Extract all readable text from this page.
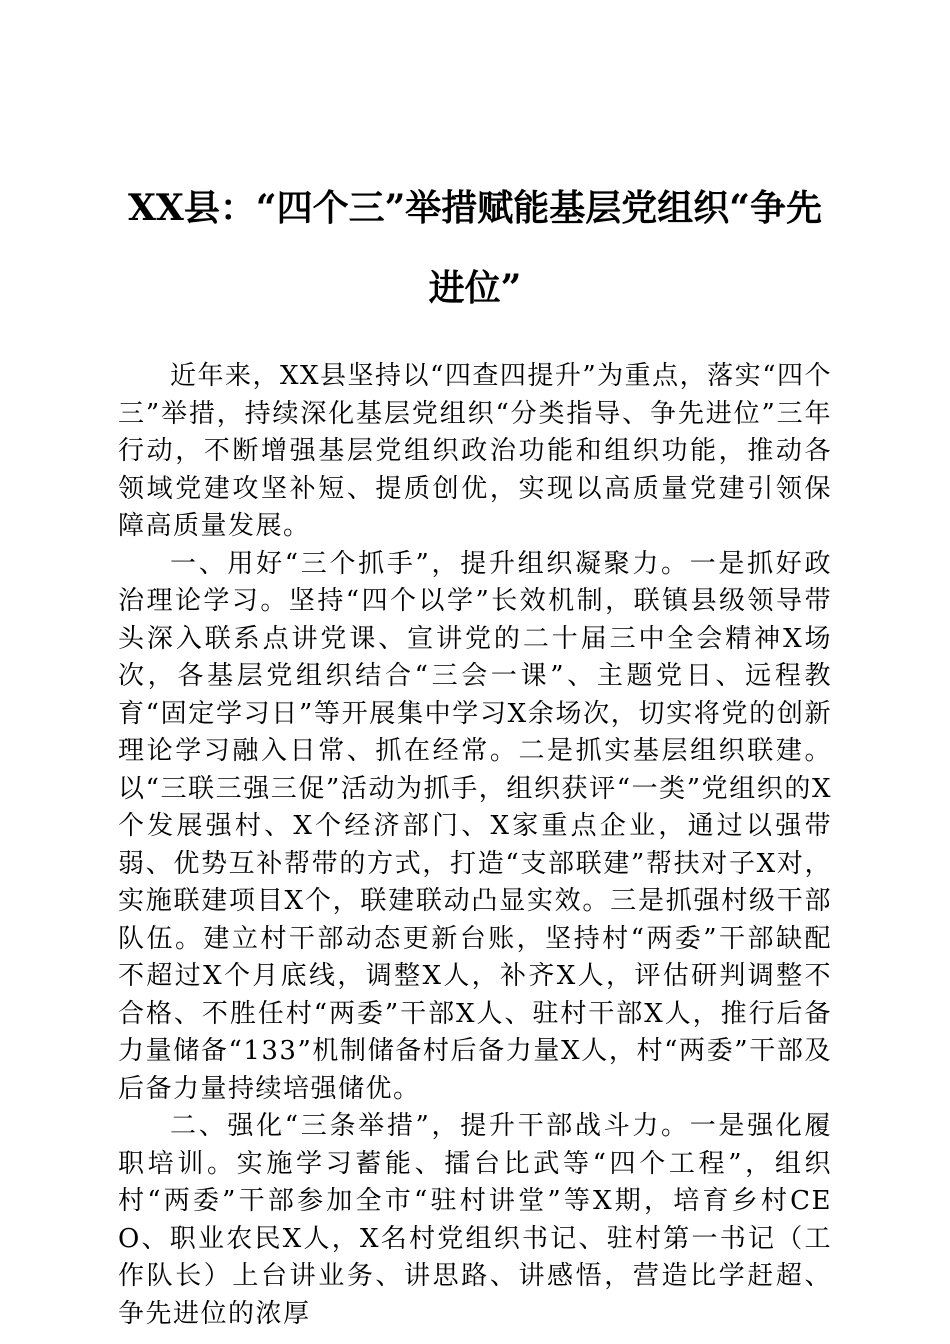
XX县：“四个三”举措赋能基层党组织“争先进位”

近年来，XX县坚持以“四查四提升”为重点，落实“四个三”举措，持续深化基层党组织“分类指导、争先进位”三年行动，不断增强基层党组织政治功能和组织功能，推动各领域党建攻坚补短、提质创优，实现以高质量党建引领保障高质量发展。

一、用好“三个抓手”，提升组织凝聚力。一是抓好政治理论学习。坚持“四个以学”长效机制，联镇县级领导带头深入联系点讲党课、宣讲党的二十届三中全会精神X场次，各基层党组织结合“三会一课”、主题党日、远程教育“固定学习日”等开展集中学习X余场次，切实将党的创新理论学习融入日常、抓在经常。二是抓实基层组织联建。以“三联三强三促”活动为抓手，组织获评“一类”党组织的X个发展强村、X个经济部门、X家重点企业，通过以强带弱、优势互补帮带的方式，打造“支部联建”帮扶对子X对，实施联建项目X个，联建联动凸显实效。三是抓强村级干部队伍。建立村干部动态更新台账，坚持村“两委”干部缺配不超过X个月底线，调整X人，补齐X人，评估研判调整不合格、不胜任村“两委”干部X人、驻村干部X人，推行后备力量储备“133”机制储备村后备力量X人，村“两委”干部及后备力量持续培强储优。

二、强化“三条举措”，提升干部战斗力。一是强化履职培训。实施学习蓄能、擂台比武等“四个工程”，组织村“两委”干部参加全市“驻村讲堂”等X期，培育乡村CEO、职业农民X人，X名村党组织书记、驻村第一书记（工作队长）上台讲业务、讲思路、讲感悟，营造比学赶超、争先进位的浓厚
